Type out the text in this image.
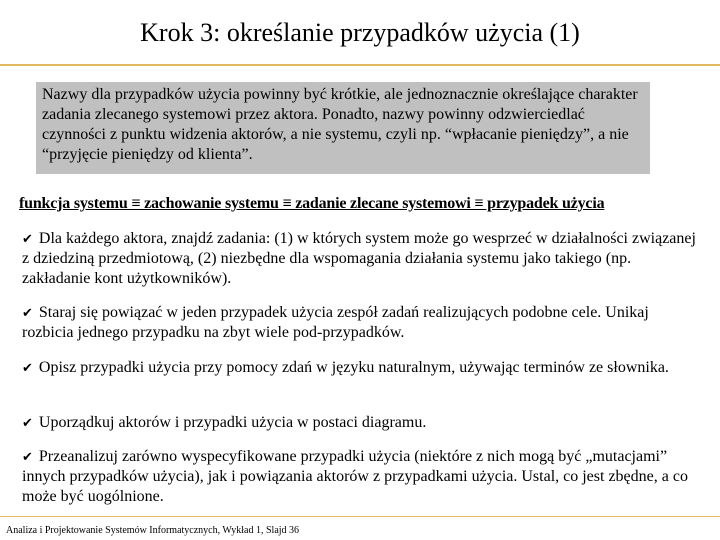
Krok 3: określanie przypadków użycia (1)
Nazwy dla przypadków użycia powinny być krótkie, ale jednoznacznie określające charakter zadania zlecanego systemowi przez aktora. Ponadto, nazwy powinny odzwierciedlać czynności z punktu widzenia aktorów, a nie systemu, czyli np. “wpłacanie pieniędzy”, a nie “przyjęcie pieniędzy od klienta”.
funkcja systemu ≡ zachowanie systemu ≡ zadanie zlecane systemowi ≡ przypadek użycia
✔ Dla każdego aktora, znajdź zadania: (1) w których system może go wesprzeć w działalności związanej z dziedziną przedmiotową, (2) niezbędne dla wspomagania działania systemu jako takiego (np. zakładanie kont użytkowników).
✔ Staraj się powiązać w jeden przypadek użycia zespół zadań realizujących podobne cele. Unikaj rozbicia jednego przypadku na zbyt wiele pod-przypadków.
✔ Opisz przypadki użycia przy pomocy zdań w języku naturalnym, używając terminów ze słownika.
✔ Uporządkuj aktorów i przypadki użycia w postaci diagramu.
✔ Przeanalizuj zarówno wyspecyfikowane przypadki użycia (niektóre z nich mogą być „mutacjami” innych przypadków użycia), jak i powiązania aktorów z przypadkami użycia. Ustal, co jest zbędne, a co może być uogólnione.
Analiza i Projektowanie Systemów Informatycznych, Wykład 1, Slajd 36
